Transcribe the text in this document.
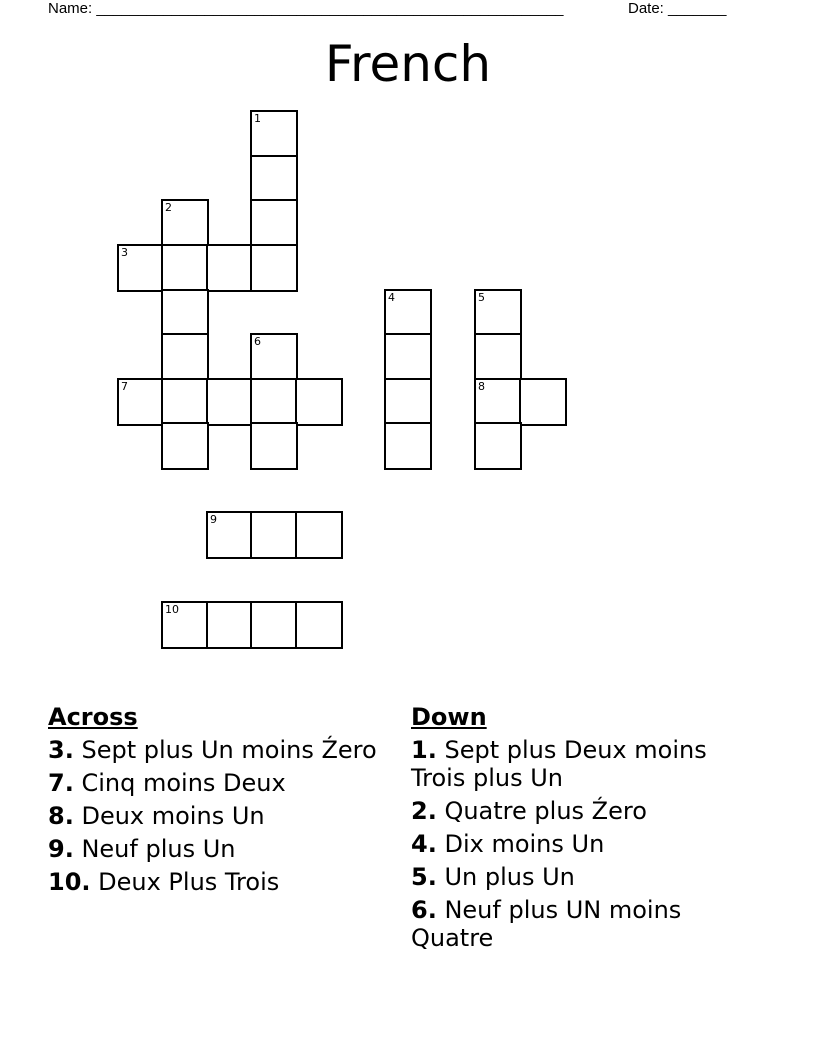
Name: ________________________________________________________	Date: _______
French
1
2
3
4	5
6
7	8
9
10
Across
3. Sept plus Un moins Źero
7. Cinq moins Deux
8. Deux moins Un
9. Neuf plus Un
10. Deux Plus Trois
Down
1. Sept plus Deux moins Trois plus Un
2. Quatre plus Źero
4. Dix moins Un
5. Un plus Un
6. Neuf plus UN moins Quatre
